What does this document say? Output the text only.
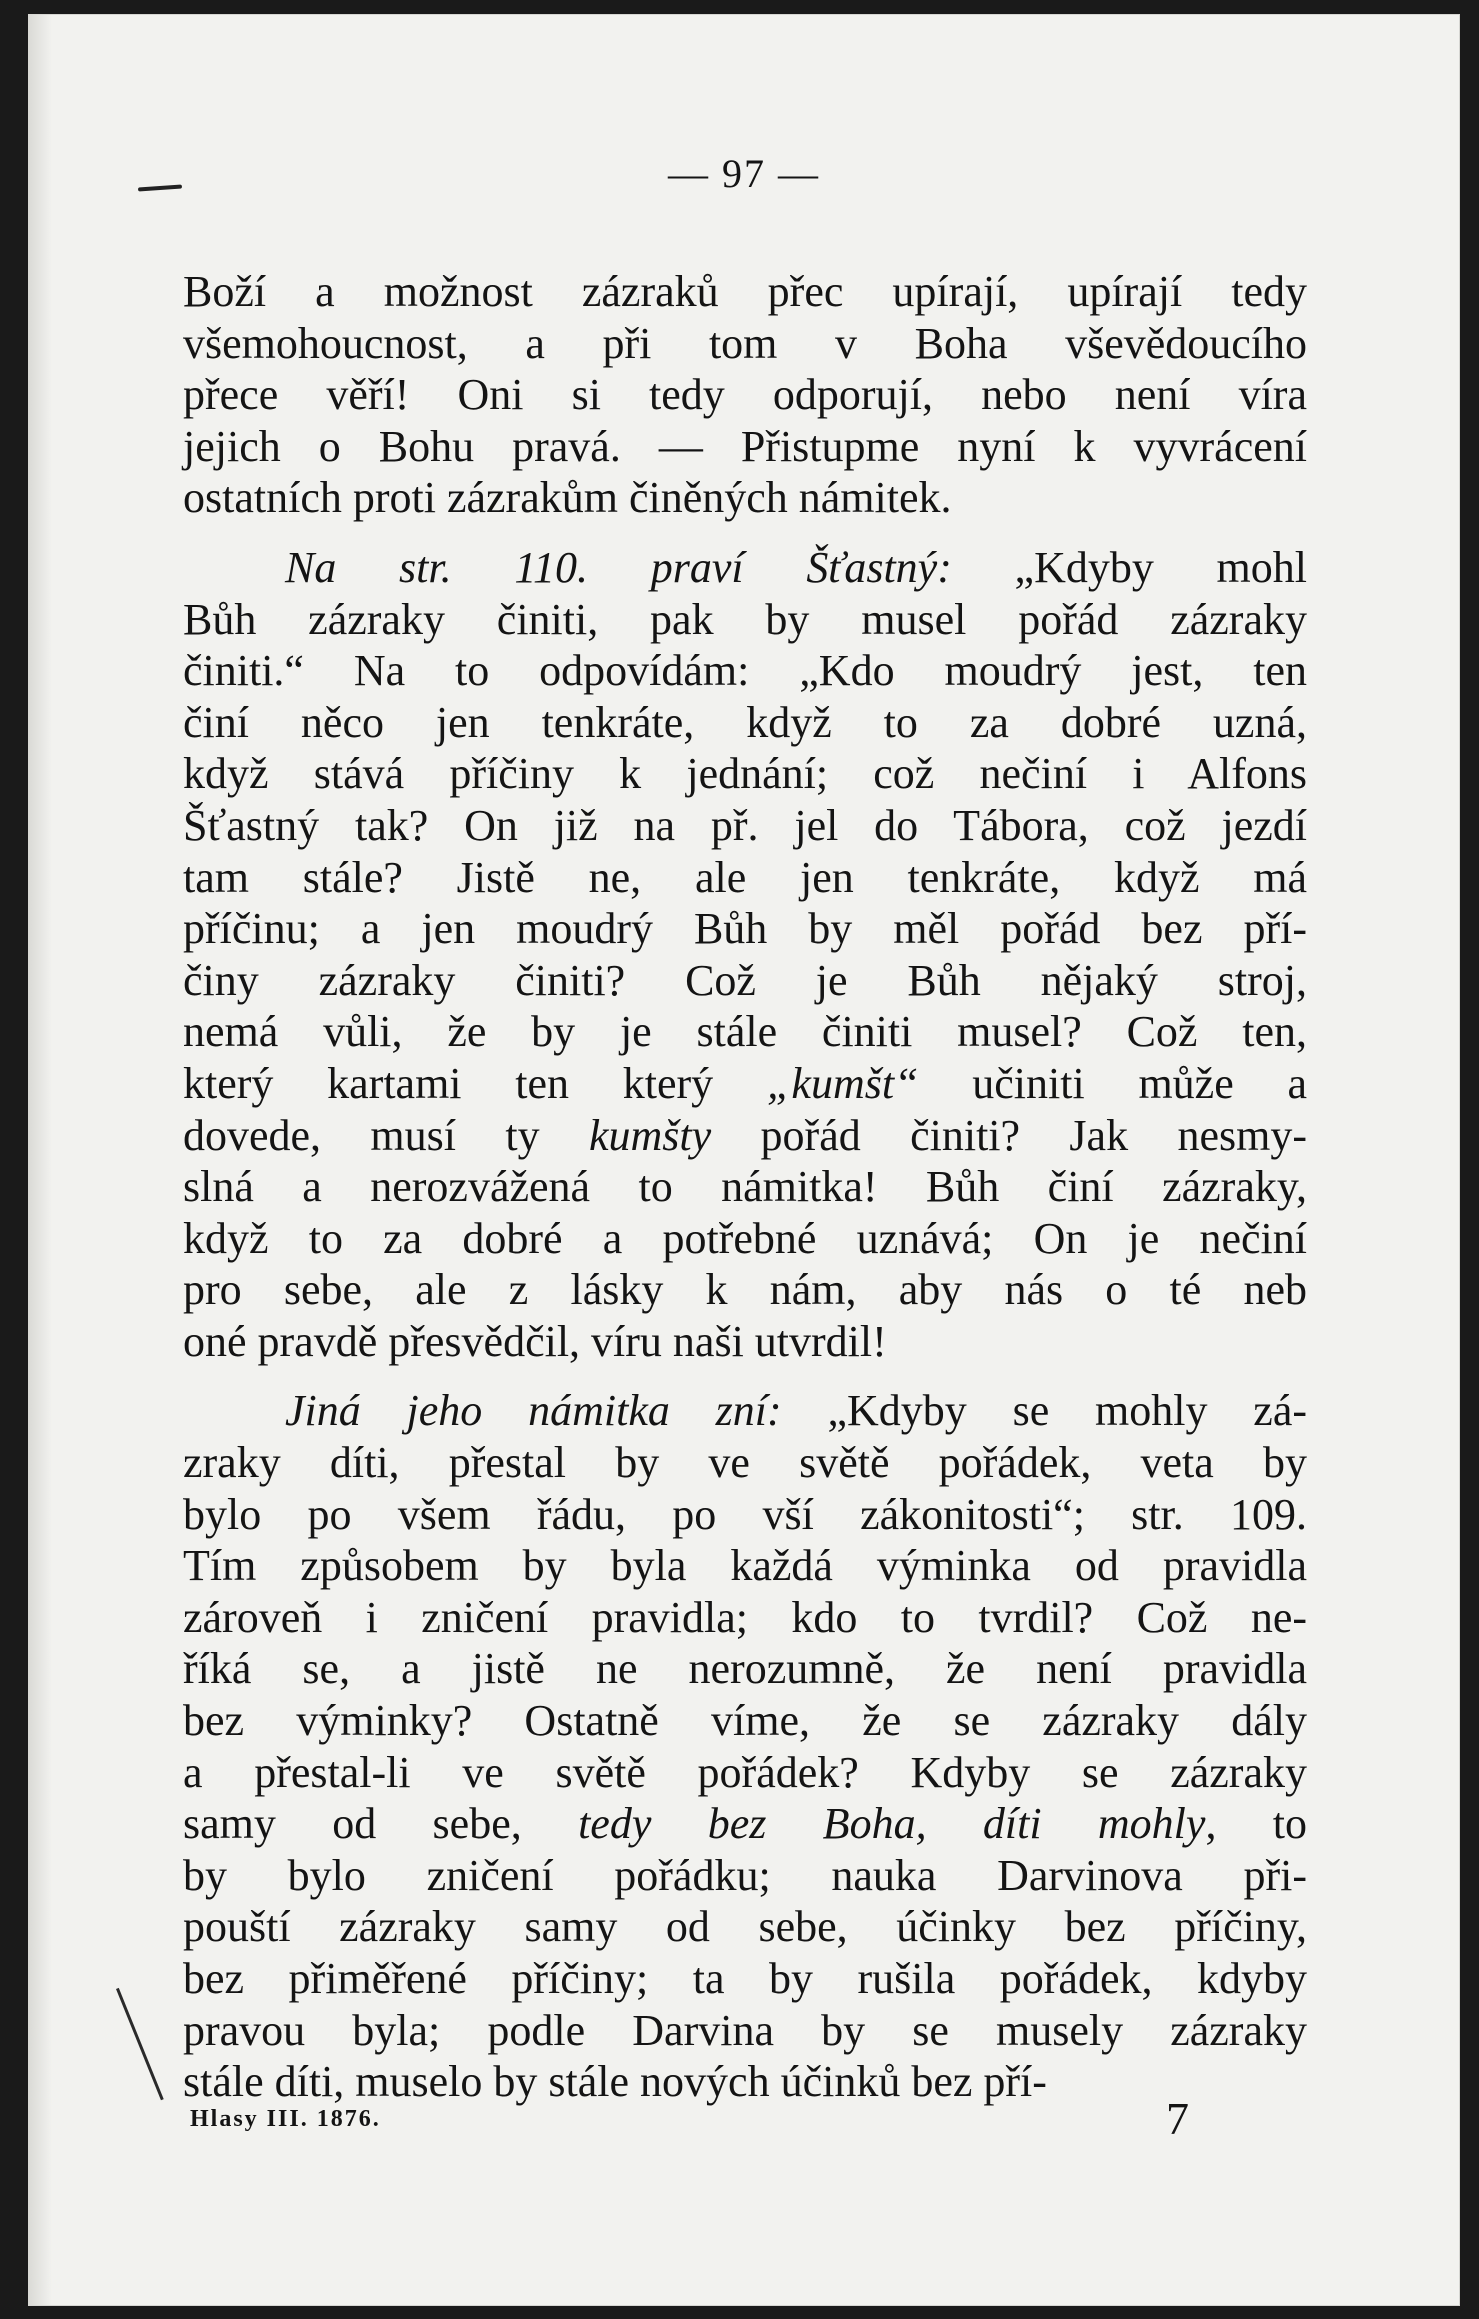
— 97 —

Boží a možnost zázraků přec upírají, upírají tedy
všemohoucnost, a při tom v Boha vševědoucího
přece věří! Oni si tedy odporují, nebo není víra
jejich o Bohu pravá. — Přistupme nyní k vyvrácení
ostatních proti zázrakům činěných námitek.

Na str. 110. praví Šťastný: „Kdyby mohl
Bůh zázraky činiti, pak by musel pořád zázraky
činiti.“ Na to odpovídám: „Kdo moudrý jest, ten
činí něco jen tenkráte, když to za dobré uzná,
když stává příčiny k jednání; což nečiní i Alfons
Šťastný tak? On již na př. jel do Tábora, což jezdí
tam stále? Jistě ne, ale jen tenkráte, když má
příčinu; a jen moudrý Bůh by měl pořád bez pří-
činy zázraky činiti? Což je Bůh nějaký stroj,
nemá vůli, že by je stále činiti musel? Což ten,
který kartami ten který „kumšt“ učiniti může a
dovede, musí ty kumšty pořád činiti? Jak nesmy-
slná a nerozvážená to námitka! Bůh činí zázraky,
když to za dobré a potřebné uznává; On je nečiní
pro sebe, ale z lásky k nám, aby nás o té neb
oné pravdě přesvědčil, víru naši utvrdil!

Jiná jeho námitka zní: „Kdyby se mohly zá-
zraky díti, přestal by ve světě pořádek, veta by
bylo po všem řádu, po vší zákonitosti“; str. 109.
Tím způsobem by byla každá výminka od pravidla
zároveň i zničení pravidla; kdo to tvrdil? Což ne-
říká se, a jistě ne nerozumně, že není pravidla
bez výminky? Ostatně víme, že se zázraky dály
a přestal-li ve světě pořádek? Kdyby se zázraky
samy od sebe, tedy bez Boha, díti mohly, to
by bylo zničení pořádku; nauka Darvinova při-
pouští zázraky samy od sebe, účinky bez příčiny,
bez přiměřené příčiny; ta by rušila pořádek, kdyby
pravou byla; podle Darvina by se musely zázraky
stále díti, muselo by stále nových účinků bez pří-

Hlasy III. 1876.	7
